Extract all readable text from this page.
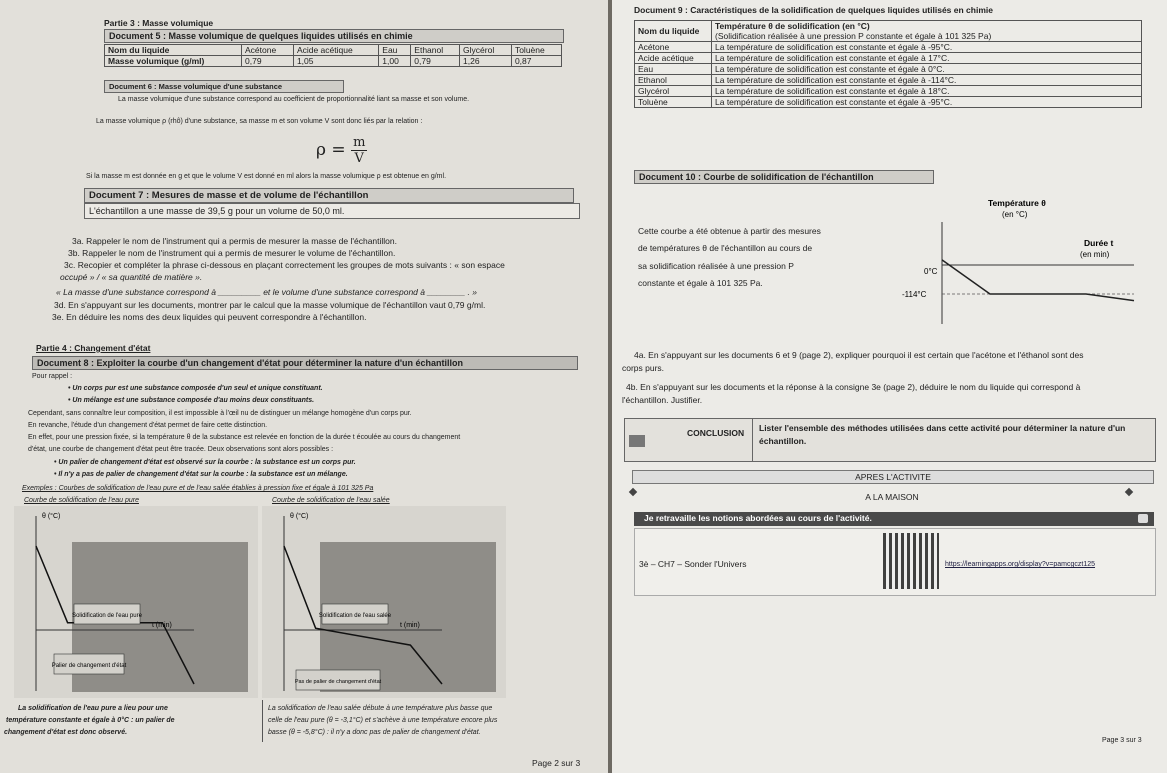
Partie 3 : Masse volumique
Document 5 : Masse volumique de quelques liquides utilisés en chimie
Nom du liquide	Acétone	Acide acétique	Eau	Ethanol	Glycérol	Toluène
Masse volumique (g/ml)	0,79	1,05	1,00	0,79	1,26	0,87
Document 6 : Masse volumique d'une substance
La masse volumique d'une substance correspond au coefficient de proportionnalité liant sa masse et son volume.
La masse volumique ρ (rhô) d'une substance, sa masse m et son volume V sont donc liés par la relation :
$\rho = \frac{m}{V}$
Si la masse m est donnée en g et que le volume V est donné en ml alors la masse volumique ρ est obtenue en g/ml.
Document 7 : Mesures de masse et de volume de l'échantillon
L'échantillon a une masse de 39,5 g pour un volume de 50,0 ml.
3a. Rappeler le nom de l'instrument qui a permis de mesurer la masse de l'échantillon.
3b. Rappeler le nom de l'instrument qui a permis de mesurer le volume de l'échantillon.
3c. Recopier et compléter la phrase ci-dessous en plaçant correctement les groupes de mots suivants : « son espace
occupé » / « sa quantité de matière ».
« La masse d'une substance correspond à _________ et le volume d'une substance correspond à ________ . »
3d. En s'appuyant sur les documents, montrer par le calcul que la masse volumique de l'échantillon vaut 0,79 g/ml.
3e. En déduire les noms des deux liquides qui peuvent correspondre à l'échantillon.
Partie 4 : Changement d'état
Document 8 : Exploiter la courbe d'un changement d'état pour déterminer la nature d'un échantillon
Pour rappel :
• Un corps pur est une substance composée d'un seul et unique constituant.
• Un mélange est une substance composée d'au moins deux constituants.
Cependant, sans connaître leur composition, il est impossible à l'œil nu de distinguer un mélange homogène d'un corps pur.
En revanche, l'étude d'un changement d'état permet de faire cette distinction.
En effet, pour une pression fixée, si la température θ de la substance est relevée en fonction de la durée t écoulée au cours du changement
d'état, une courbe de changement d'état peut être tracée. Deux observations sont alors possibles :
• Un palier de changement d'état est observé sur la courbe : la substance est un corps pur.
• Il n'y a pas de palier de changement d'état sur la courbe : la substance est un mélange.
Exemples : Courbes de solidification de l'eau pure et de l'eau salée établies à pression fixe et égale à 101 325 Pa
Courbe de solidification de l'eau pure	Courbe de solidification de l'eau salée
θ (°C)
t (min)
Solidification de l'eau pure
Palier de changement d'état
θ (°C)
t (min)
Solidification de l'eau salée
Pas de palier de changement d'état
La solidification de l'eau pure a lieu pour une
température constante et égale à 0°C : un palier de
changement d'état est donc observé.
La solidification de l'eau salée débute à une température plus basse que
celle de l'eau pure (θ = -3,1°C) et s'achève à une température encore plus
basse (θ = -5,8°C) : il n'y a donc pas de palier de changement d'état.
Page 2 sur 3
Document 9 : Caractéristiques de la solidification de quelques liquides utilisés en chimie
Nom du liquide	Température θ de solidification (en °C)
(Solidification réalisée à une pression P constante et égale à 101 325 Pa)

Acétone	La température de solidification est constante et égale à -95°C.
Acide acétique	La température de solidification est constante et égale à 17°C.
Eau	La température de solidification est constante et égale à 0°C.
Ethanol	La température de solidification est constante et égale à -114°C.
Glycérol	La température de solidification est constante et égale à 18°C.
Toluène	La température de solidification est constante et égale à -95°C.
Document 10 : Courbe de solidification de l'échantillon
Cette courbe a été obtenue à partir des mesures
de températures θ de l'échantillon au cours de
sa solidification réalisée à une pression P
constante et égale à 101 325 Pa.
Température θ
(en °C)
Durée t
(en min)
0°C
-114°C
4a. En s'appuyant sur les documents 6 et 9 (page 2), expliquer pourquoi il est certain que l'acétone et l'éthanol sont des
corps purs.
4b. En s'appuyant sur les documents et la réponse à la consigne 3e (page 2), déduire le nom du liquide qui correspond à
l'échantillon. Justifier.
CONCLUSION Lister l'ensemble des méthodes utilisées dans cette activité pour déterminer la nature d'un
échantillon.
APRES L'ACTIVITE
A LA MAISON
Je retravaille les notions abordées au cours de l'activité.
3è – CH7 – Sonder l'Univers	https://learningapps.org/display?v=pamcgczt125
Page 3 sur 3
